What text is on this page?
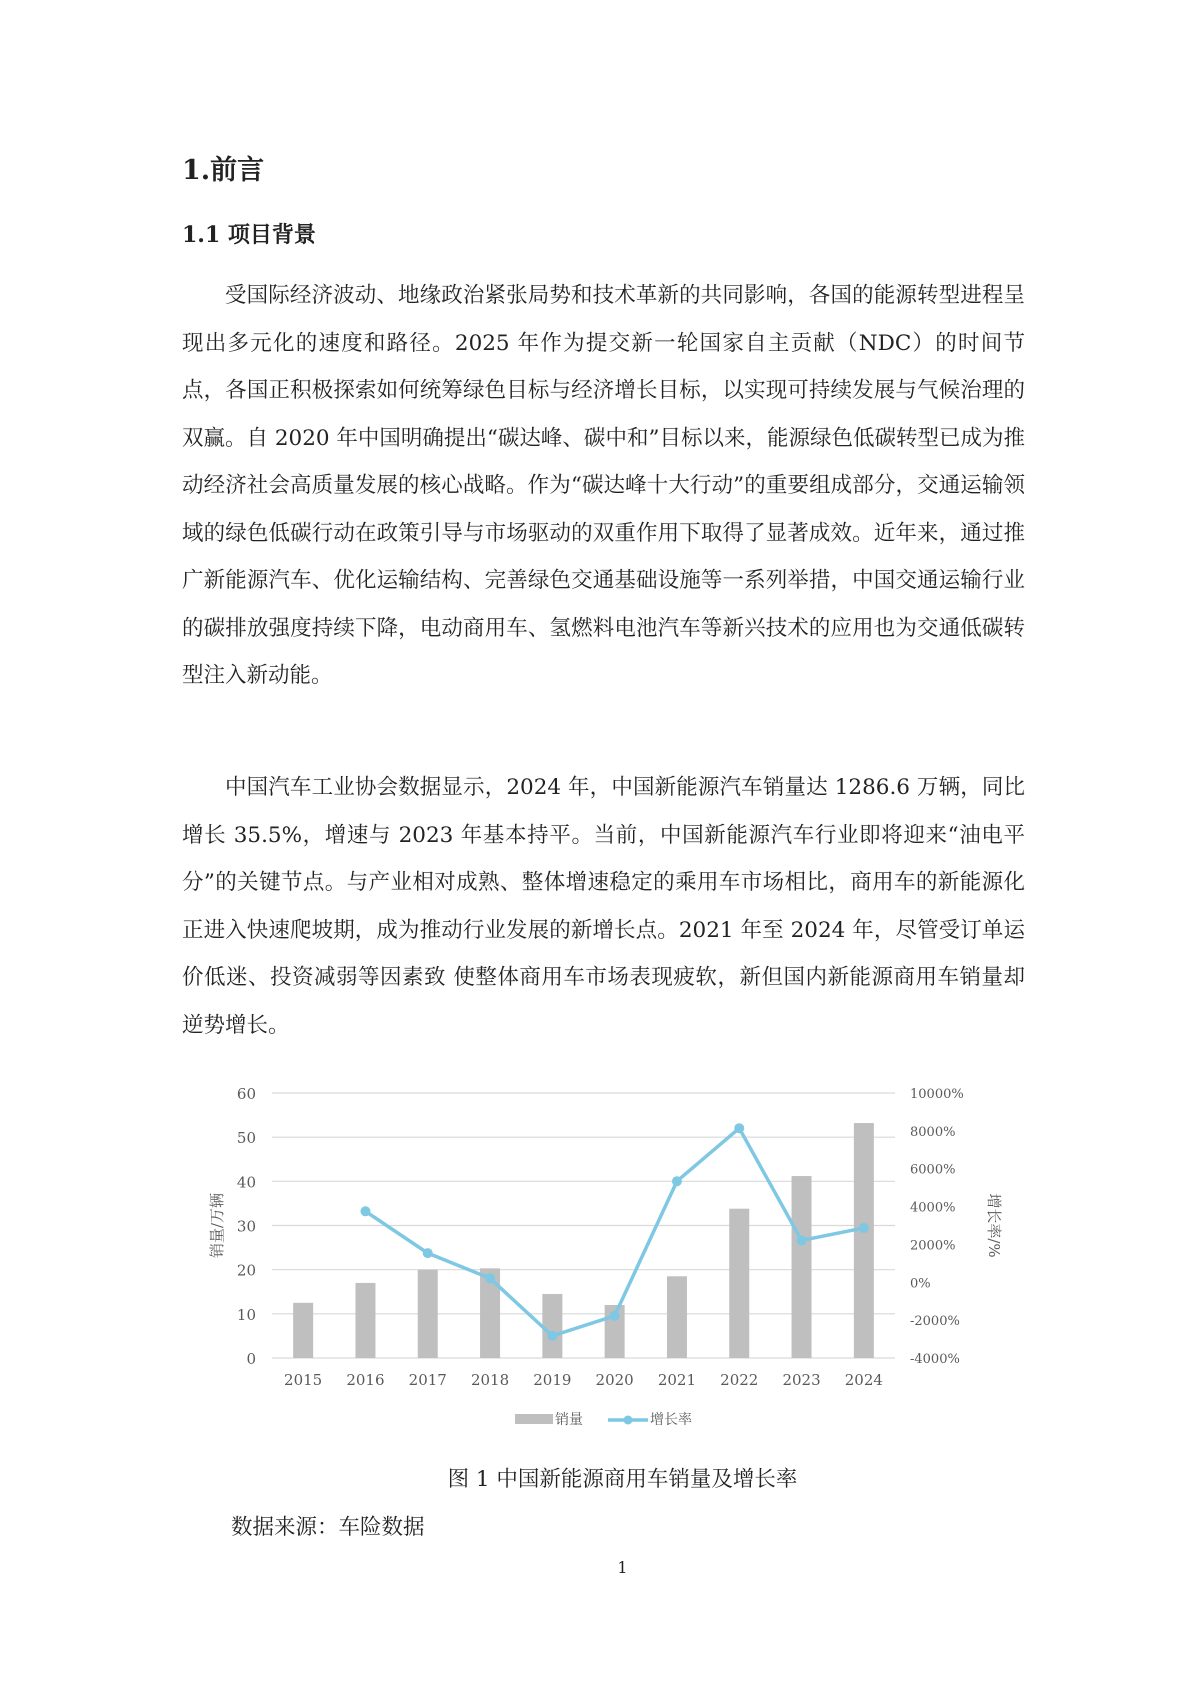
1.前言
1.1 项目背景
受国际经济波动、地缘政治紧张局势和技术革新的共同影响，各国的能源转型进程呈现出多元化的速度和路径。2025 年作为提交新一轮国家自主贡献（NDC）的时间节点，各国正积极探索如何统筹绿色目标与经济增长目标，以实现可持续发展与气候治理的双赢。自 2020 年中国明确提出“碳达峰、碳中和”目标以来，能源绿色低碳转型已成为推动经济社会高质量发展的核心战略。作为“碳达峰十大行动”的重要组成部分，交通运输领域的绿色低碳行动在政策引导与市场驱动的双重作用下取得了显著成效。近年来，通过推广新能源汽车、优化运输结构、完善绿色交通基础设施等一系列举措，中国交通运输行业的碳排放强度持续下降，电动商用车、氢燃料电池汽车等新兴技术的应用也为交通低碳转型注入新动能。
中国汽车工业协会数据显示，2024 年，中国新能源汽车销量达 1286.6 万辆，同比增长 35.5%，增速与 2023 年基本持平。当前，中国新能源汽车行业即将迎来“油电平分”的关键节点。与产业相对成熟、整体增速稳定的乘用车市场相比，商用车的新能源化正进入快速爬坡期，成为推动行业发展的新增长点。2021 年至 2024 年，尽管受订单运价低迷、投资减弱等因素致 使整体商用车市场表现疲软，新但国内新能源商用车销量却逆势增长。
0
10
20
30
40
50
60
-4000%
-2000%
0%
2000%
4000%
6000%
8000%
10000%
2015 2016 2017 2018 2019 2020 2021 2022 2023 2024
销量/万辆	增长率/%
销量	增长率
图 1 中国新能源商用车销量及增长率
数据来源：车险数据
1
